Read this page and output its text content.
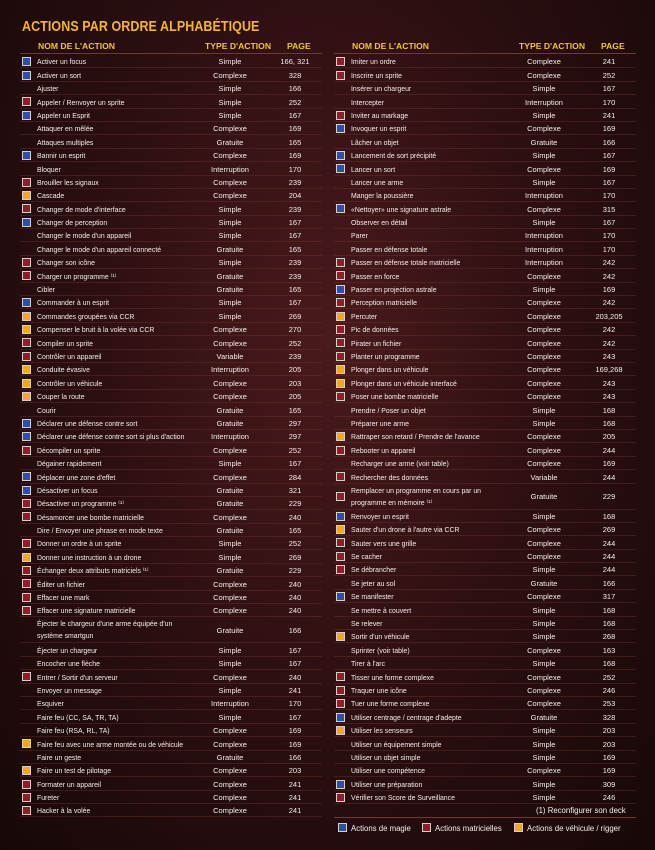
ACTIONS PAR ORDRE ALPHABÉTIQUE
NOM DE L'ACTION	TYPE D'ACTION PAGE
Activer un focus	Simple	166, 321
Activer un sort	Complexe	328
Ajuster	Simple	166
Appeler / Renvoyer un sprite	Simple	252
Appeler un Esprit	Simple	167
Attaquer en mêlée	Complexe	169
Attaques multiples	Gratuite	165
Bannir un esprit	Complexe	169
Bloquer	Interruption	170
Brouiller les signaux	Complexe	239
Cascade	Complexe	204
Changer de mode d'interface	Simple	239
Changer de perception	Simple	167
Changer le mode d'un appareil	Simple	167
Changer le mode d'un appareil connecté	Gratuite	165
Changer son icône	Simple	239
Charger un programme ⁽¹⁾	Gratuite	239
Cibler	Gratuite	165
Commander à un esprit	Simple	167
Commandes groupées via CCR	Simple	269
Compenser le bruit à la volée via CCR	Complexe	270
Compiler un sprite	Complexe	252
Contrôler un appareil	Variable	239
Conduite évasive	Interruption	205
Contrôler un véhicule	Complexe	203
Couper la route	Complexe	205
Courir	Gratuite	165
Déclarer une défense contre sort	Gratuite	297
Déclarer une défense contre sort si plus d'action	Interruption	297
Décompiler un sprite	Complexe	252
Dégainer rapidement	Simple	167
Déplacer une zone d'effet	Complexe	284
Désactiver un focus	Gratuite	321
Désactiver un programme ⁽¹⁾	Gratuite	229
Désamorcer une bombe matricielle	Complexe	240
Dire / Envoyer une phrase en mode texte	Gratuite	165
Donner un ordre à un sprite	Simple	252
Donner une instruction à un drone	Simple	269
Échanger deux attributs matriciels ⁽¹⁾	Gratuite	229
Éditer un fichier	Complexe	240
Effacer une mark	Complexe	240
Effacer une signature matricielle	Complexe	240
Éjecter le chargeur d'une arme équipée d'un système smartgun
Gratuite	166
Éjecter un chargeur	Simple	167
Encocher une flèche	Simple	167
Entrer / Sortir d'un serveur	Complexe	240
Envoyer un message	Simple	241
Esquiver	Interruption	170
Faire feu (CC, SA, TR, TA)	Simple	167
Faire feu (RSA, RL, TA)	Complexe	169
Faire feu avec une arme montée ou de véhicule	Complexe	169
Faire un geste	Gratuite	166
Faire un test de pilotage	Complexe	203
Formater un appareil	Complexe	241
Fureter	Complexe	241
Hacker à la volée	Complexe	241
NOM DE L'ACTION	TYPE D'ACTION PAGE
Imiter un ordre	Complexe	241
Inscrire un sprite	Complexe	252
Insérer un chargeur	Simple	167
Intercepter	Interruption	170
Inviter au markage	Simple	241
Invoquer un esprit	Complexe	169
Lâcher un objet	Gratuite	166
Lancement de sort précipité	Simple	167
Lancer un sort	Complexe	169
Lancer une arme	Simple	167
Manger la poussière	Interruption	170
«Nettoyer» une signature astrale	Complexe	315
Observer en détail	Simple	167
Parer	Interruption	170
Passer en défense totale	Interruption	170
Passer en défense totale matricielle	Interruption	242
Passer en force	Complexe	242
Passer en projection astrale	Simple	169
Perception matricielle	Complexe	242
Percuter	Complexe	203,205
Pic de données	Complexe	242
Pirater un fichier	Complexe	242
Planter un programme	Complexe	243
Plonger dans un véhicule	Complexe	169,268
Plonger dans un véhicule interfacé	Complexe	243
Poser une bombe matricielle	Complexe	243
Prendre / Poser un objet	Simple	168
Préparer une arme	Simple	168
Rattraper son retard / Prendre de l'avance	Complexe	205
Rebooter un appareil	Complexe	244
Recharger une arme (voir table)	Complexe	169
Rechercher des données	Variable	244
Remplacer un programme en cours par un programme en mémoire ⁽¹⁾
Gratuite	229
Renvoyer un esprit	Simple	168
Sauter d'un drone à l'autre via CCR	Complexe	269
Sauter vers une grille	Complexe	244
Se cacher	Complexe	244
Se débrancher	Simple	244
Se jeter au sol	Gratuite	166
Se manifester	Complexe	317
Se mettre à couvert	Simple	168
Se relever	Simple	168
Sortir d'un véhicule	Simple	268
Sprinter (voir table)	Complexe	163
Tirer à l'arc	Simple	168
Tisser une forme complexe	Complexe	252
Traquer une icône	Complexe	246
Tuer une forme complexe	Complexe	253
Utiliser centrage / centrage d'adepte	Gratuite	328
Utiliser les senseurs	Simple	203
Utiliser un équipement simple	Simple	203
Utiliser un objet simple	Simple	169
Utiliser une compétence	Complexe	169
Utiliser une préparation	Simple	309
Vérifier son Score de Surveillance	Simple	246
(1) Reconfigurer son deck
Actions de magie	Actions matricielles	Actions de véhicule / rigger
